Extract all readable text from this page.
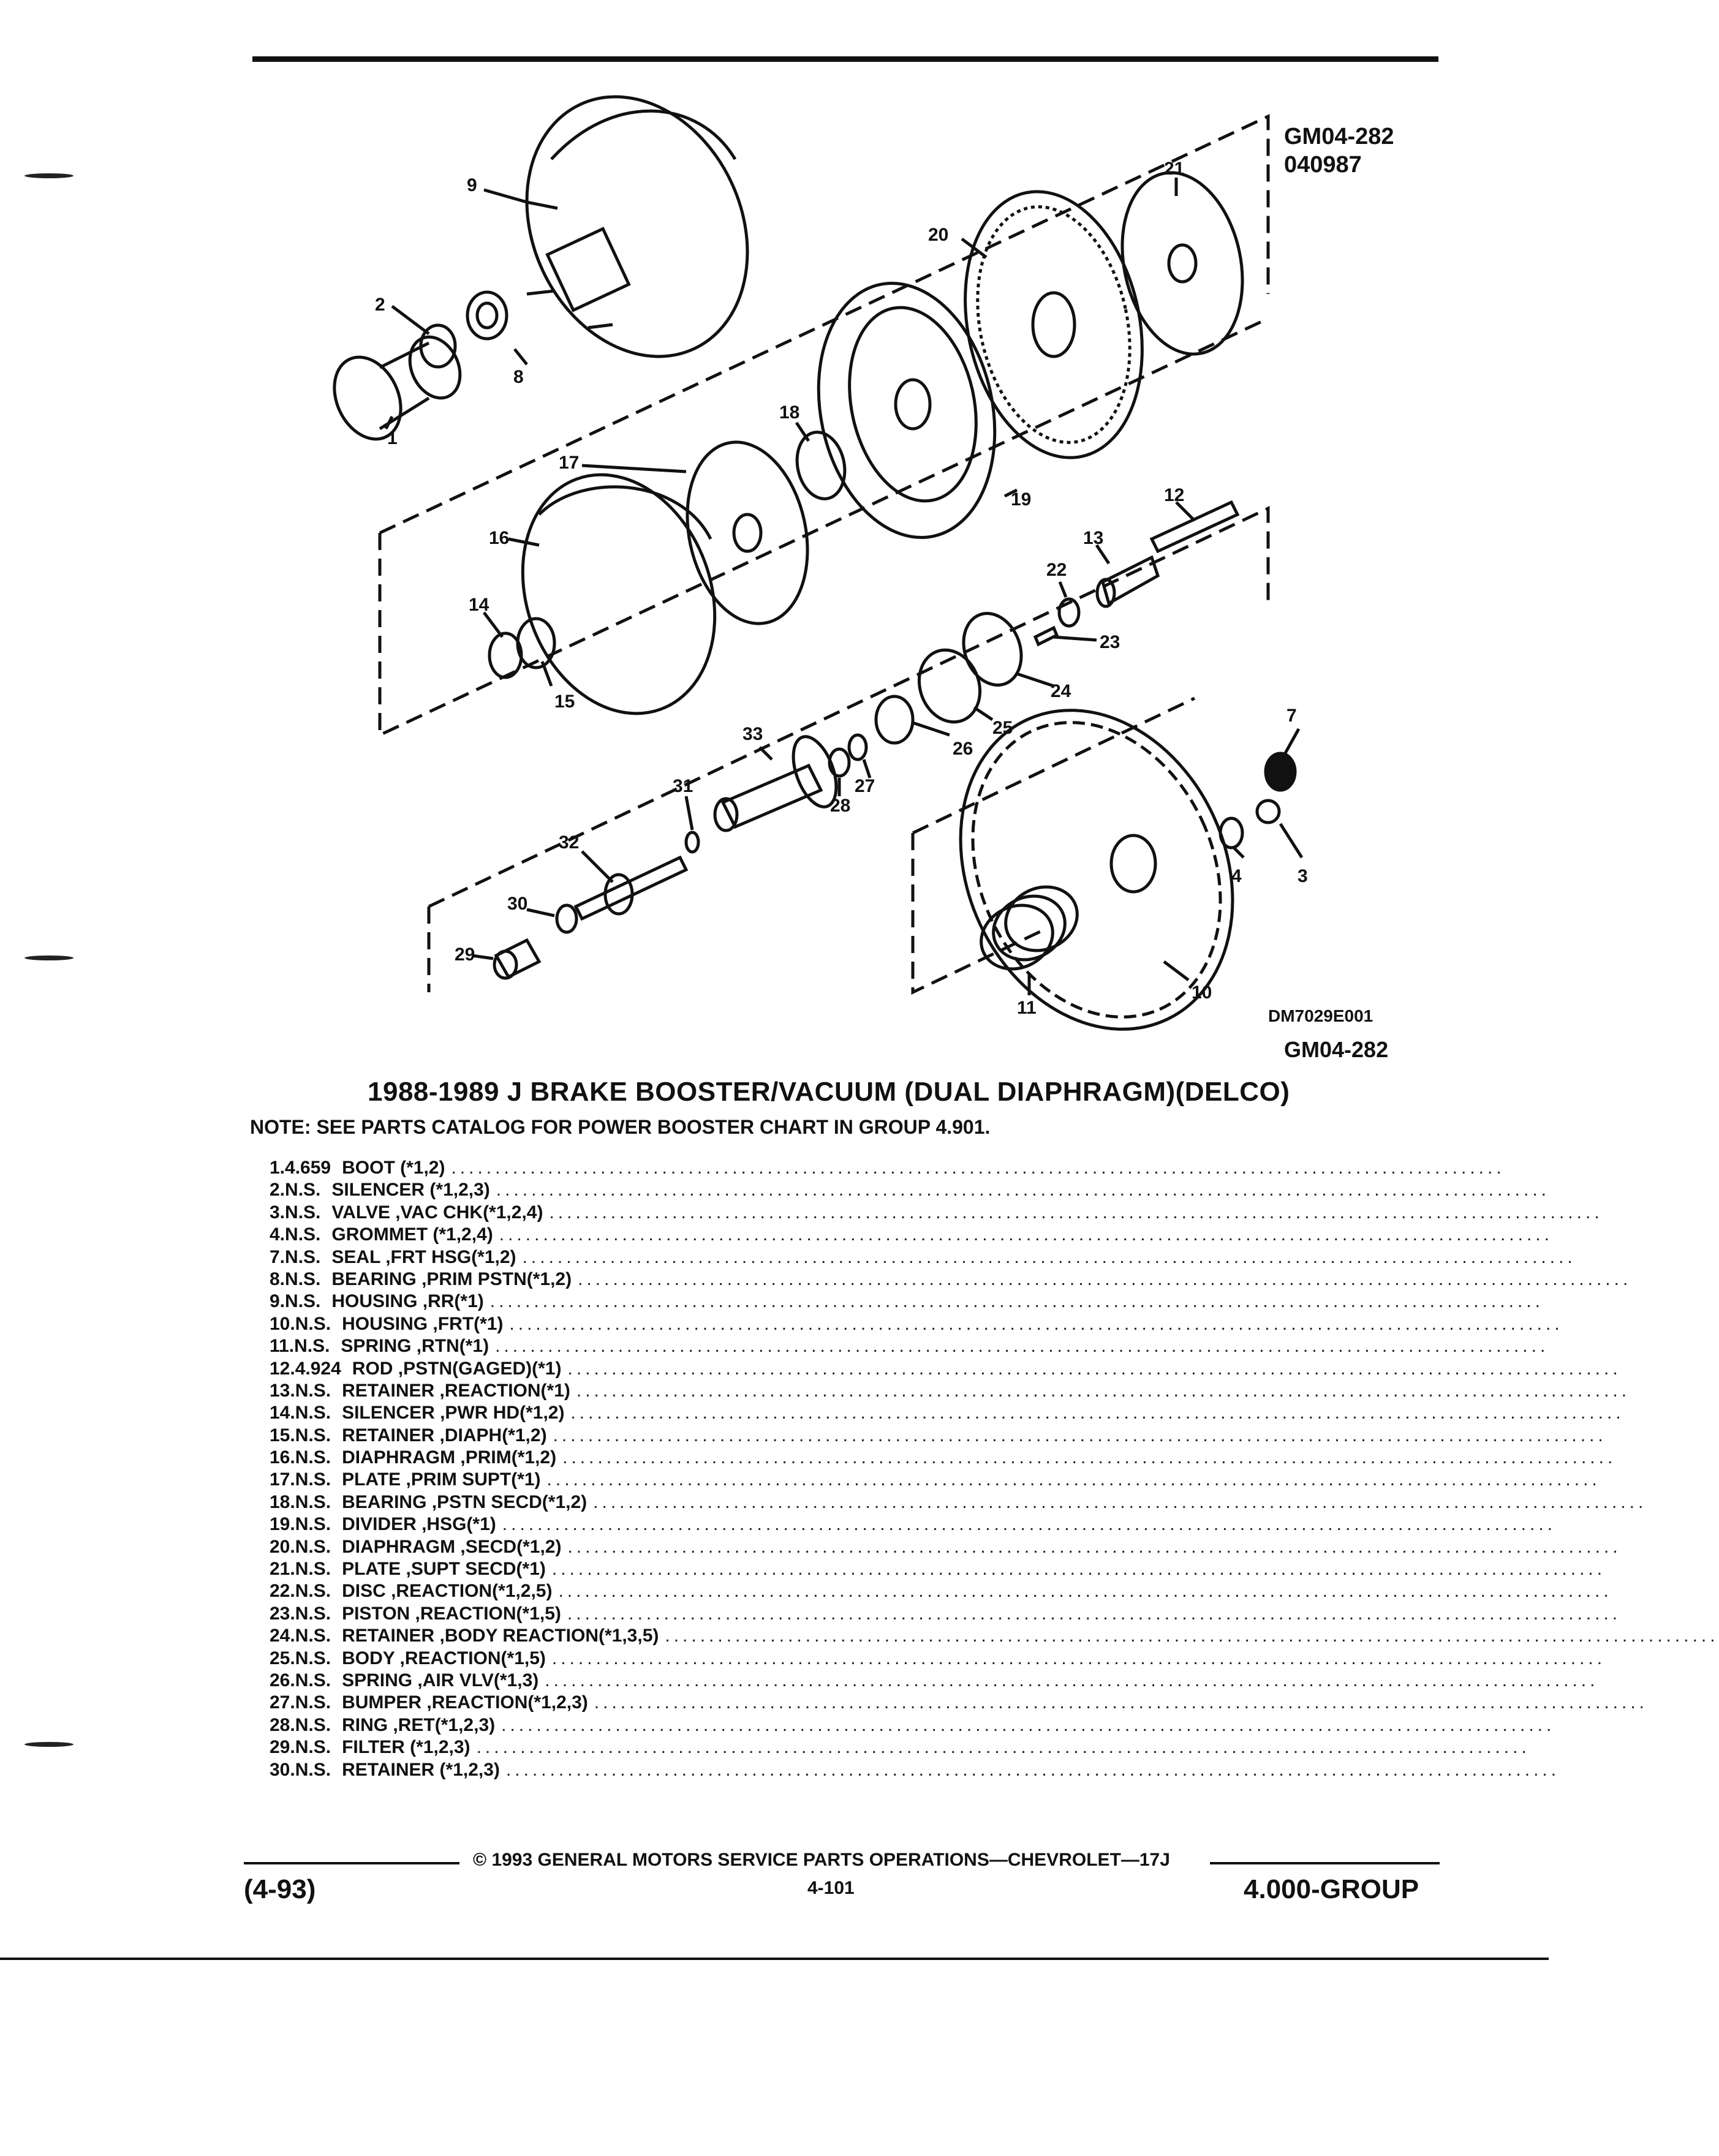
GM04-282
040987
9
2
8
1
20
21
18
17
16
19	12
13
22
14
23
24
15
25
26
33
27
28
31
32
30
29
7
4	3
11
10
DM7029E001
GM04-282
1988-1989 J BRAKE BOOSTER/VACUUM (DUAL DIAPHRAGM)(DELCO)
NOTE: SEE PARTS CATALOG FOR POWER BOOSTER CHART IN GROUP 4.901.
1. 4.659 BOOT (*1,2) ........................................................................................................................
2. N.S. SILENCER (*1,2,3) ........................................................................................................................
3. N.S. VALVE ,VAC CHK(*1,2,4) ........................................................................................................................
4. N.S. GROMMET (*1,2,4) ........................................................................................................................
7. N.S. SEAL ,FRT HSG(*1,2) ........................................................................................................................
8. N.S. BEARING ,PRIM PSTN(*1,2) ........................................................................................................................
9. N.S. HOUSING ,RR(*1) ........................................................................................................................
10. N.S. HOUSING ,FRT(*1) ........................................................................................................................
11. N.S. SPRING ,RTN(*1) ........................................................................................................................
12. 4.924 ROD ,PSTN(GAGED)(*1) ........................................................................................................................
13. N.S. RETAINER ,REACTION(*1) ........................................................................................................................
14. N.S. SILENCER ,PWR HD(*1,2) ........................................................................................................................
15. N.S. RETAINER ,DIAPH(*1,2) ........................................................................................................................
16. N.S. DIAPHRAGM ,PRIM(*1,2) ........................................................................................................................
17. N.S. PLATE ,PRIM SUPT(*1) ........................................................................................................................
18. N.S. BEARING ,PSTN SECD(*1,2) ........................................................................................................................
19. N.S. DIVIDER ,HSG(*1) ........................................................................................................................
20. N.S. DIAPHRAGM ,SECD(*1,2) ........................................................................................................................
21. N.S. PLATE ,SUPT SECD(*1) ........................................................................................................................
22. N.S. DISC ,REACTION(*1,2,5) ........................................................................................................................
23. N.S. PISTON ,REACTION(*1,5) ........................................................................................................................
24. N.S. RETAINER ,BODY REACTION(*1,3,5) ........................................................................................................................
25. N.S. BODY ,REACTION(*1,5) ........................................................................................................................
26. N.S. SPRING ,AIR VLV(*1,3) ........................................................................................................................
27. N.S. BUMPER ,REACTION(*1,2,3) ........................................................................................................................
28. N.S. RING ,RET(*1,2,3) ........................................................................................................................
29. N.S. FILTER (*1,2,3) ........................................................................................................................
30. N.S. RETAINER (*1,2,3) ........................................................................................................................
© 1993 GENERAL MOTORS SERVICE PARTS OPERATIONS—CHEVROLET—17J
(4-93)	4-101	4.000-GROUP
